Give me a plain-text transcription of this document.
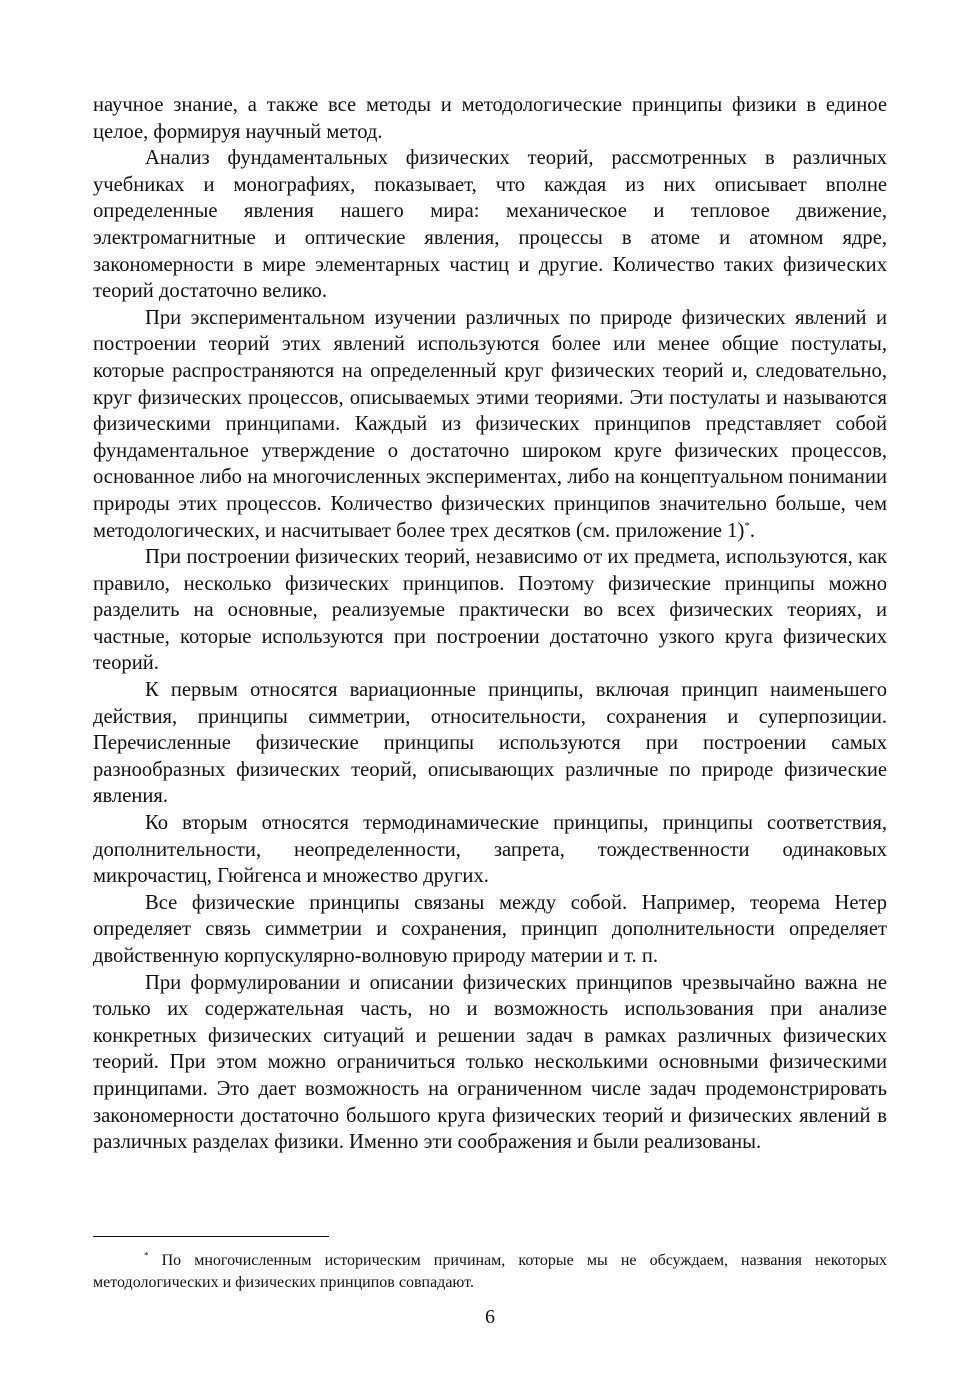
научное знание, а также все методы и методологические принципы физики в единое целое, формируя научный метод.

Анализ фундаментальных физических теорий, рассмотренных в различных учебниках и монографиях, показывает, что каждая из них описывает вполне определенные явления нашего мира: механическое и тепловое движение, электромагнитные и оптические явления, процессы в атоме и атомном ядре, закономерности в мире элементарных частиц и другие. Количество таких физических теорий достаточно велико.

При экспериментальном изучении различных по природе физических явлений и построении теорий этих явлений используются более или менее общие постулаты, которые распространяются на определенный круг физических теорий и, следовательно, круг физических процессов, описываемых этими теориями. Эти постулаты и называются физическими принципами. Каждый из физических принципов представляет собой фундаментальное утверждение о достаточно широком круге физических процессов, основанное либо на многочисленных экспериментах, либо на концептуальном понимании природы этих процессов. Количество физических принципов значительно больше, чем методологических, и насчитывает более трех десятков (см. приложение 1)*.

При построении физических теорий, независимо от их предмета, используются, как правило, несколько физических принципов. Поэтому физические принципы можно разделить на основные, реализуемые практически во всех физических теориях, и частные, которые используются при построении достаточно узкого круга физических теорий.

К первым относятся вариационные принципы, включая принцип наименьшего действия, принципы симметрии, относительности, сохранения и суперпозиции. Перечисленные физические принципы используются при построении самых разнообразных физических теорий, описывающих различные по природе физические явления.

Ко вторым относятся термодинамические принципы, принципы соответствия, дополнительности, неопределенности, запрета, тождественности одинаковых микрочастиц, Гюйгенса и множество других.

Все физические принципы связаны между собой. Например, теорема Нетер определяет связь симметрии и сохранения, принцип дополнительности определяет двойственную корпускулярно-волновую природу материи и т. п.

При формулировании и описании физических принципов чрезвычайно важна не только их содержательная часть, но и возможность использования при анализе конкретных физических ситуаций и решении задач в рамках различных физических теорий. При этом можно ограничиться только несколькими основными физическими принципами. Это дает возможность на ограниченном числе задач продемонстрировать закономерности достаточно большого круга физических теорий и физических явлений в различных разделах физики. Именно эти соображения и были реализованы.

* По многочисленным историческим причинам, которые мы не обсуждаем, названия некоторых методологических и физических принципов совпадают.

6
